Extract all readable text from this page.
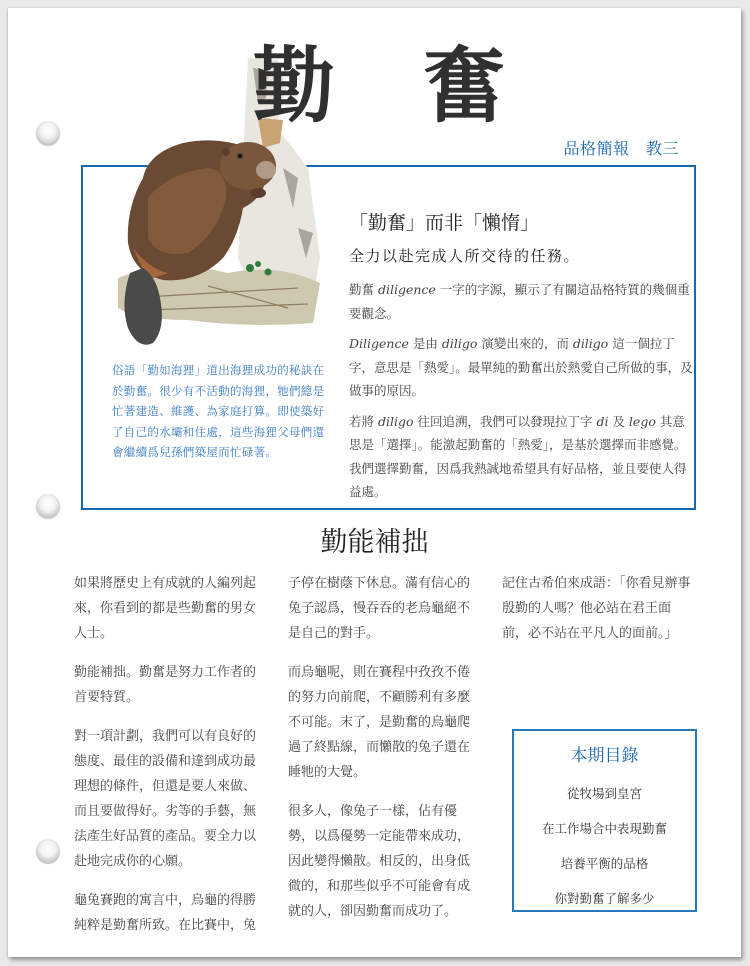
勤 奮
品格簡報　教三
俗語「勤如海狸」道出海狸成功的秘訣在於勤奮。很少有不活動的海狸，牠們總是忙著建造、維護、為家庭打算。即使築好了自己的水壩和住處，這些海狸父母們還會繼續爲兒孫們築屋而忙碌著。
「勤奮」而非「懶惰」
全力以赴完成人所交待的任務。

勤奮 diligence 一字的字源，顯示了有關這品格特質的幾個重要觀念。

Diligence 是由 diligo 演變出來的，而 diligo 這一個拉丁字，意思是「熱愛」。最單純的勤奮出於熱愛自己所做的事，及做事的原因。

若將 diligo 往回追溯，我們可以發現拉丁字 di 及 lego 其意思是「選擇」。能激起勤奮的「熱愛」，是基於選擇而非感覺。我們選擇勤奮，因爲我熱誠地希望具有好品格，並且要使人得益處。

勤能補拙

如果將歷史上有成就的人編列起來，你看到的都是些勤奮的男女人士。

勤能補拙。勤奮是努力工作者的首要特質。

對一項計劃，我們可以有良好的態度、最佳的設備和達到成功最理想的條件，但還是要人來做、而且要做得好。劣等的手藝，無法產生好品質的產品。要全力以赴地完成你的心願。

龜兔賽跑的寓言中，烏龜的得勝純粹是勤奮所致。在比賽中，兔

子停在樹蔭下休息。滿有信心的兔子認爲，慢吞吞的老烏龜絕不是自己的對手。

而烏龜呢，則在賽程中孜孜不倦的努力向前爬，不顧勝利有多麼不可能。末了，是勤奮的烏龜爬過了終點線，而懶散的兔子還在睡牠的大覺。

很多人，像兔子一樣，佔有優勢，以爲優勢一定能帶來成功，因此變得懶散。相反的，出身低微的，和那些似乎不可能會有成就的人，卻因勤奮而成功了。

記住古希伯來成語：「你看見辦事殷勤的人嗎？他必站在君王面前，必不站在平凡人的面前。」

本期目錄
從牧場到皇宮
在工作場合中表現勤奮
培養平衡的品格
你對勤奮了解多少
